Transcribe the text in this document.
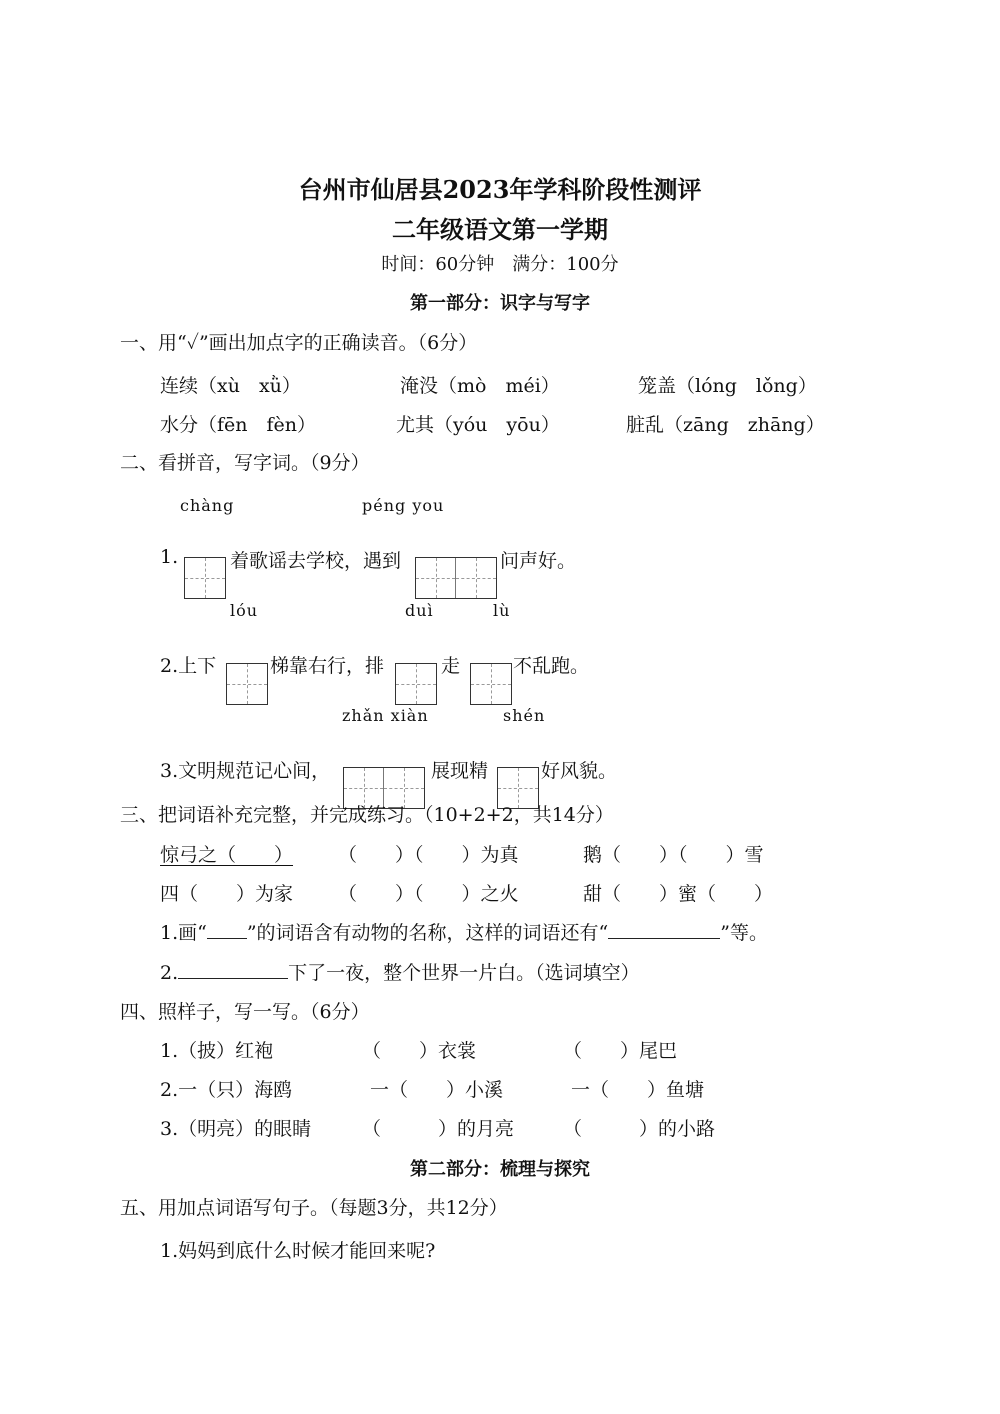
台州市仙居县2023年学科阶段性测评
二年级语文第一学期
时间：60分钟　满分：100分
第一部分：识字与写字
一、用“✓”画出加点字的正确读音。（6分）
连续（xù　xǜ）	淹没（mò　méi）	笼盖（lóng　lǒng）
水分（fēn　fèn）	尤其（yóu　yōu）	脏乱（zāng　zhāng）
二、看拼音，写字词。（9分）
chàng	péng you
1.	着歌谣去学校，遇到	问声好。
lóu	duì	lù
2.上下	梯靠右行，排	走	不乱跑。
zhǎn xiàn	shén
3.文明规范记心间，	展现精	好风貌。
三、把词语补充完整，并完成练习。（10+2+2，共14分）
惊弓之（　　） （　　）（　　）为真	鹅（　　）（　　）雪
四（　　）为家 （　　）（　　）之火	甜（　　）蜜（　　）
1.画“ ”的词语含有动物的名称，这样的词语还有“	”等。
2.	下了一夜，整个世界一片白。（选词填空）
四、照样子，写一写。（6分）
1.（披）红袍	（　　）衣裳	（　　）尾巴
2.一（只）海鸥	一（　　）小溪	一（　　）鱼塘
3.（明亮）的眼睛	（　　　）的月亮	（　　　）的小路
第二部分：梳理与探究
五、用加点词语写句子。（每题3分，共12分）
1.妈妈到底什么时候才能回来呢?
